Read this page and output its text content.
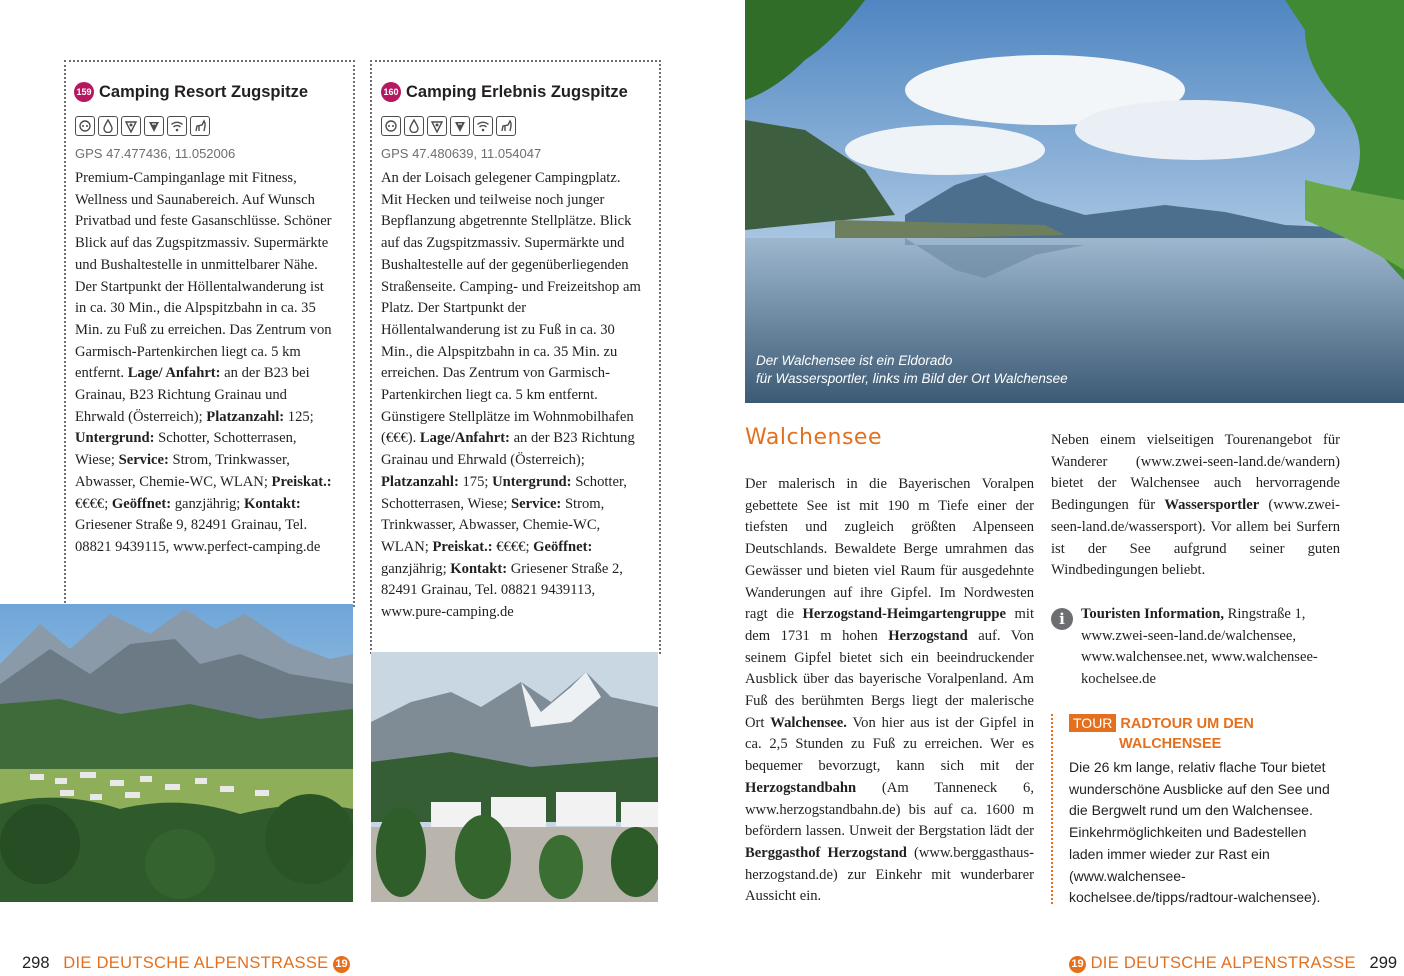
159 Camping Resort Zugspitze
GPS 47.477436, 11.052006
Premium-Campinganlage mit Fitness, Wellness und Saunabereich. Auf Wunsch Privatbad und feste Gasanschlüsse. Schöner Blick auf das Zugspitzmassiv. Supermärkte und Bushaltestelle in unmittelbarer Nähe. Der Startpunkt der Höllentalwanderung ist in ca. 30 Min., die Alpspitzbahn in ca. 35 Min. zu Fuß zu erreichen. Das Zentrum von Garmisch-Partenkirchen liegt ca. 5 km entfernt. Lage/ Anfahrt: an der B23 bei Grainau, B23 Richtung Grainau und Ehrwald (Österreich); Platzanzahl: 125; Untergrund: Schotter, Schotterrasen, Wiese; Service: Strom, Trinkwasser, Abwasser, Chemie-WC, WLAN; Preiskat.: €€€€; Geöffnet: ganzjährig; Kontakt: Griesener Straße 9, 82491 Grainau, Tel. 08821 9439115, www.perfect-camping.de
160 Camping Erlebnis Zugspitze
GPS 47.480639, 11.054047
An der Loisach gelegener Campingplatz. Mit Hecken und teilweise noch junger Bepflanzung abgetrennte Stellplätze. Blick auf das Zugspitzmassiv. Supermärkte und Bushaltestelle auf der gegenüberliegenden Straßenseite. Camping- und Freizeitshop am Platz. Der Startpunkt der Höllentalwanderung ist zu Fuß in ca. 30 Min., die Alpspitzbahn in ca. 35 Min. zu erreichen. Das Zentrum von Garmisch-Partenkirchen liegt ca. 5 km entfernt. Günstigere Stellplätze im Wohnmobilhafen (€€€). Lage/Anfahrt: an der B23 Richtung Grainau und Ehrwald (Österreich); Platzanzahl: 175; Untergrund: Schotter, Schotterrasen, Wiese; Service: Strom, Trinkwasser, Abwasser, Chemie-WC, WLAN; Preiskat.: €€€€; Geöffnet: ganzjährig; Kontakt: Griesener Straße 2, 82491 Grainau, Tel. 08821 9439113, www.pure-camping.de
298 DIE DEUTSCHE ALPENSTRASSE 19
Der Walchensee ist ein Eldorado
für Wassersportler, links im Bild der Ort Walchensee
Walchensee
Der malerisch in die Bayerischen Voralpen gebettete See ist mit 190 m Tiefe einer der tiefsten und zugleich größten Alpenseen Deutschlands. Bewaldete Berge umrahmen das Gewässer und bieten viel Raum für ausgedehnte Wanderungen auf ihre Gipfel. Im Nordwesten ragt die Herzogstand-Heimgartengruppe mit dem 1731 m hohen Herzogstand auf. Von seinem Gipfel bietet sich ein beeindruckender Ausblick über das bayerische Voralpenland. Am Fuß des berühmten Bergs liegt der malerische Ort Walchensee. Von hier aus ist der Gipfel in ca. 2,5 Stunden zu Fuß zu erreichen. Wer es bequemer bevorzugt, kann sich mit der Herzogstandbahn (Am Tanneneck 6, www.herzogstandbahn.de) bis auf ca. 1600 m befördern lassen. Unweit der Bergstation lädt der Berggasthof Herzogstand (www.berggasthaus-herzogstand.de) zur Einkehr mit wunderbarer Aussicht ein.
Neben einem vielseitigen Tourenangebot für Wanderer (www.zwei-seen-land.de/wandern) bietet der Walchensee auch hervorragende Bedingungen für Wassersportler (www.zwei-seen-land.de/wassersport). Vor allem bei Surfern ist der See aufgrund seiner guten Windbedingungen beliebt.
i	Touristen Information, Ringstraße 1, www.zwei-seen-land.de/walchensee, www.walchensee.net, www.walchensee-kochelsee.de
TOUR RADTOUR UM DEN
WALCHENSEE
Die 26 km lange, relativ flache Tour bietet wunderschöne Ausblicke auf den See und die Bergwelt rund um den Walchensee. Einkehrmöglichkeiten und Badestellen laden immer wieder zur Rast ein (www.walchensee-kochelsee.de/tipps/radtour-walchensee).
19 DIE DEUTSCHE ALPENSTRASSE 299
